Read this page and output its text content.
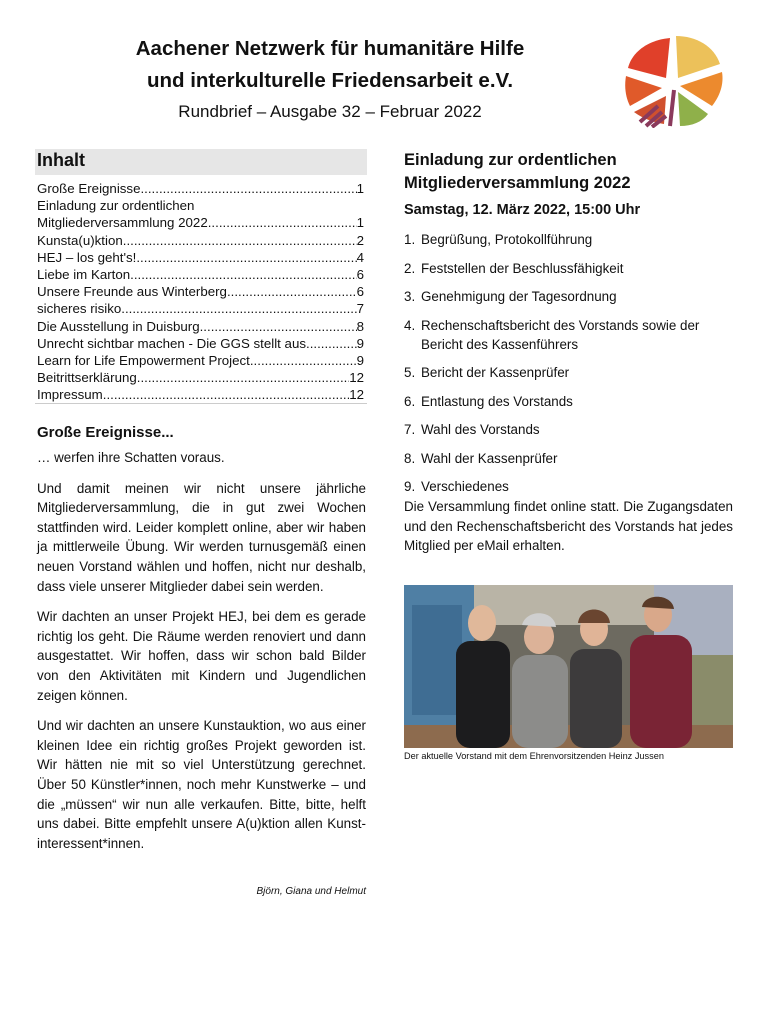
Aachener Netzwerk für humanitäre Hilfe
und interkulturelle Friedensarbeit e.V.
Rundbrief – Ausgabe 32 – Februar 2022
Inhalt
Große Ereignisse .....	1
Einladung zur ordentlichen
Mitgliederversammlung 2022 .....	1
Kunsta(u)ktion .....	2
HEJ – los geht's! .....	4
Liebe im Karton .....	6
Unsere Freunde aus Winterberg .....	6
sicheres risiko .....	7
Die Ausstellung in Duisburg .....	8
Unrecht sichtbar machen - Die GGS stellt aus .....	9
Learn for Life Empowerment Project .....	9
Beitrittserklärung .....	12
Impressum .....	12
Große Ereignisse...

… werfen ihre Schatten voraus.

Und damit meinen wir nicht unsere jährliche Mitgliederversammlung, die in gut zwei Wochen stattfinden wird. Leider komplett online, aber wir haben ja mittlerweile Übung. Wir werden turnusgemäß einen neuen Vorstand wählen und hoffen, nicht nur deshalb, dass viele unserer Mitglieder dabei sein werden.

Wir dachten an unser Projekt HEJ, bei dem es gerade richtig los geht. Die Räume werden renoviert und dann ausgestattet. Wir hoffen, dass wir schon bald Bilder von den Aktivitäten mit Kindern und Jugendlichen zeigen können.

Und wir dachten an unsere Kunstauktion, wo aus einer kleinen Idee ein richtig großes Projekt geworden ist. Wir hätten nie mit so viel Unterstützung gerechnet. Über 50 Künstler*innen, noch mehr Kunstwerke – und die „müssen“ wir nun alle verkaufen. Bitte, bitte, helft uns dabei. Bitte empfehlt unsere A(u)ktion allen Kunstinteressent*innen.

Björn, Giana und Helmut
Einladung zur ordentlichen Mitgliederversammlung 2022
Samstag, 12. März 2022, 15:00 Uhr
1. Begrüßung, Protokollführung
2. Feststellen der Beschlussfähigkeit
3. Genehmigung der Tagesordnung
4. Rechenschaftsbericht des Vorstands sowie der Bericht des Kassenführers
5. Bericht der Kassenprüfer
6. Entlastung des Vorstands
7. Wahl des Vorstands
8. Wahl der Kassenprüfer
9. Verschiedenes
Die Versammlung findet online statt. Die Zugangsdaten und den Rechenschaftsbericht des Vorstands hat jedes Mitglied per eMail erhalten.
Der aktuelle Vorstand mit dem Ehrenvorsitzenden Heinz Jussen
